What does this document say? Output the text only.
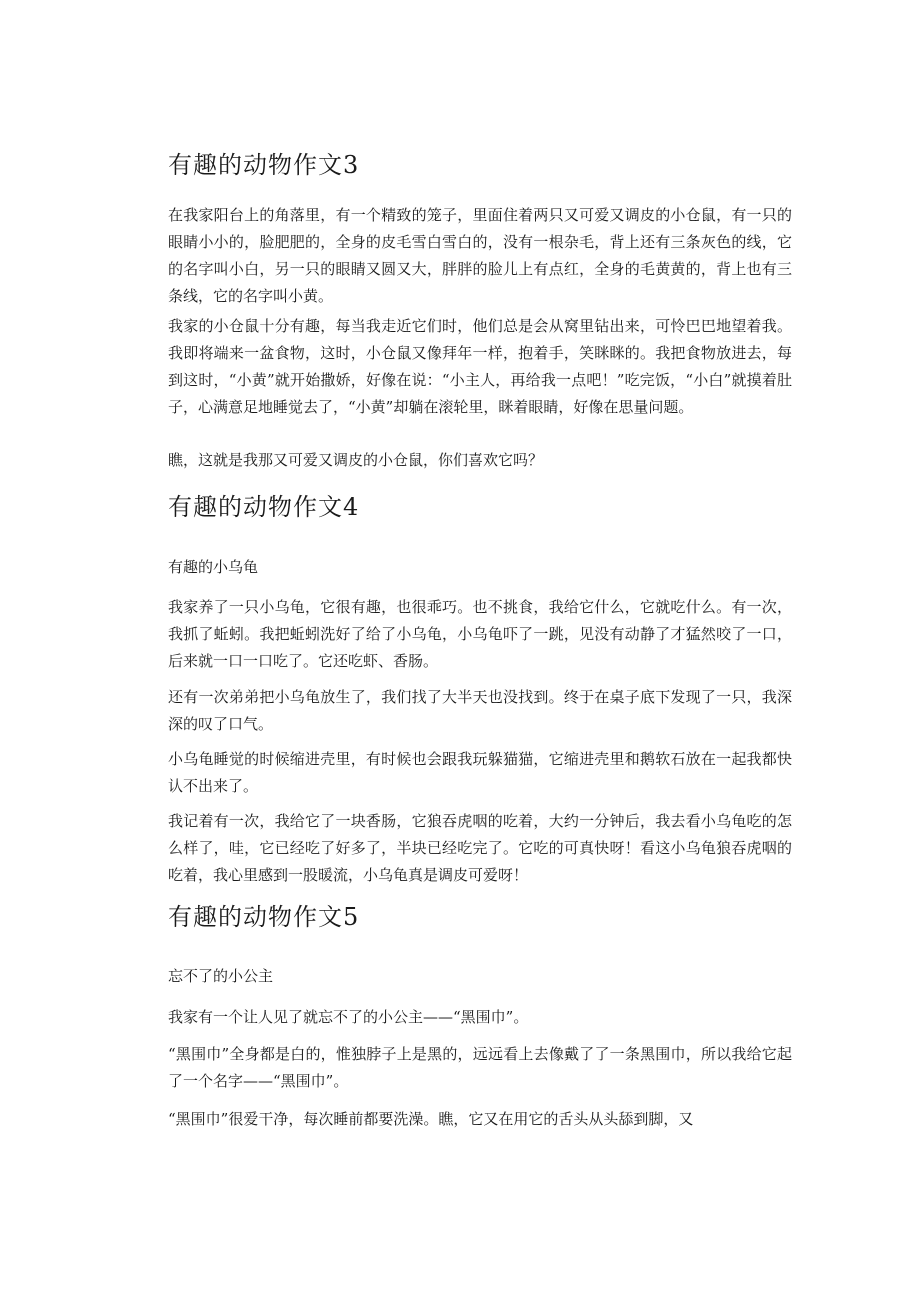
有趣的动物作文3

在我家阳台上的角落里，有一个精致的笼子，里面住着两只又可爱又调皮的小仓鼠，有一只的眼睛小小的，脸肥肥的，全身的皮毛雪白雪白的，没有一根杂毛，背上还有三条灰色的线，它的名字叫小白，另一只的眼睛又圆又大，胖胖的脸儿上有点红，全身的毛黄黄的，背上也有三条线，它的名字叫小黄。

我家的小仓鼠十分有趣，每当我走近它们时，他们总是会从窝里钻出来，可怜巴巴地望着我。我即将端来一盆食物，这时，小仓鼠又像拜年一样，抱着手，笑眯眯的。我把食物放进去，每到这时，“小黄”就开始撒娇，好像在说：“小主人，再给我一点吧！”吃完饭，“小白”就摸着肚子，心满意足地睡觉去了，“小黄”却躺在滚轮里，眯着眼睛，好像在思量问题。

瞧，这就是我那又可爱又调皮的小仓鼠，你们喜欢它吗？

有趣的动物作文4

有趣的小乌龟

我家养了一只小乌龟，它很有趣，也很乖巧。也不挑食，我给它什么，它就吃什么。有一次，我抓了蚯蚓。我把蚯蚓洗好了给了小乌龟，小乌龟吓了一跳，见没有动静了才猛然咬了一口，后来就一口一口吃了。它还吃虾、香肠。

还有一次弟弟把小乌龟放生了，我们找了大半天也没找到。终于在桌子底下发现了一只，我深深的叹了口气。

小乌龟睡觉的时候缩进壳里，有时候也会跟我玩躲猫猫，它缩进壳里和鹅软石放在一起我都快认不出来了。

我记着有一次，我给它了一块香肠，它狼吞虎咽的吃着，大约一分钟后，我去看小乌龟吃的怎么样了，哇，它已经吃了好多了，半块已经吃完了。它吃的可真快呀！看这小乌龟狼吞虎咽的吃着，我心里感到一股暖流，小乌龟真是调皮可爱呀！

有趣的动物作文5

忘不了的小公主

我家有一个让人见了就忘不了的小公主——“黑围巾”。

“黑围巾”全身都是白的，惟独脖子上是黑的，远远看上去像戴了了一条黑围巾，所以我给它起了一个名字——“黑围巾”。

“黑围巾”很爱干净，每次睡前都要洗澡。瞧，它又在用它的舌头从头舔到脚，又
